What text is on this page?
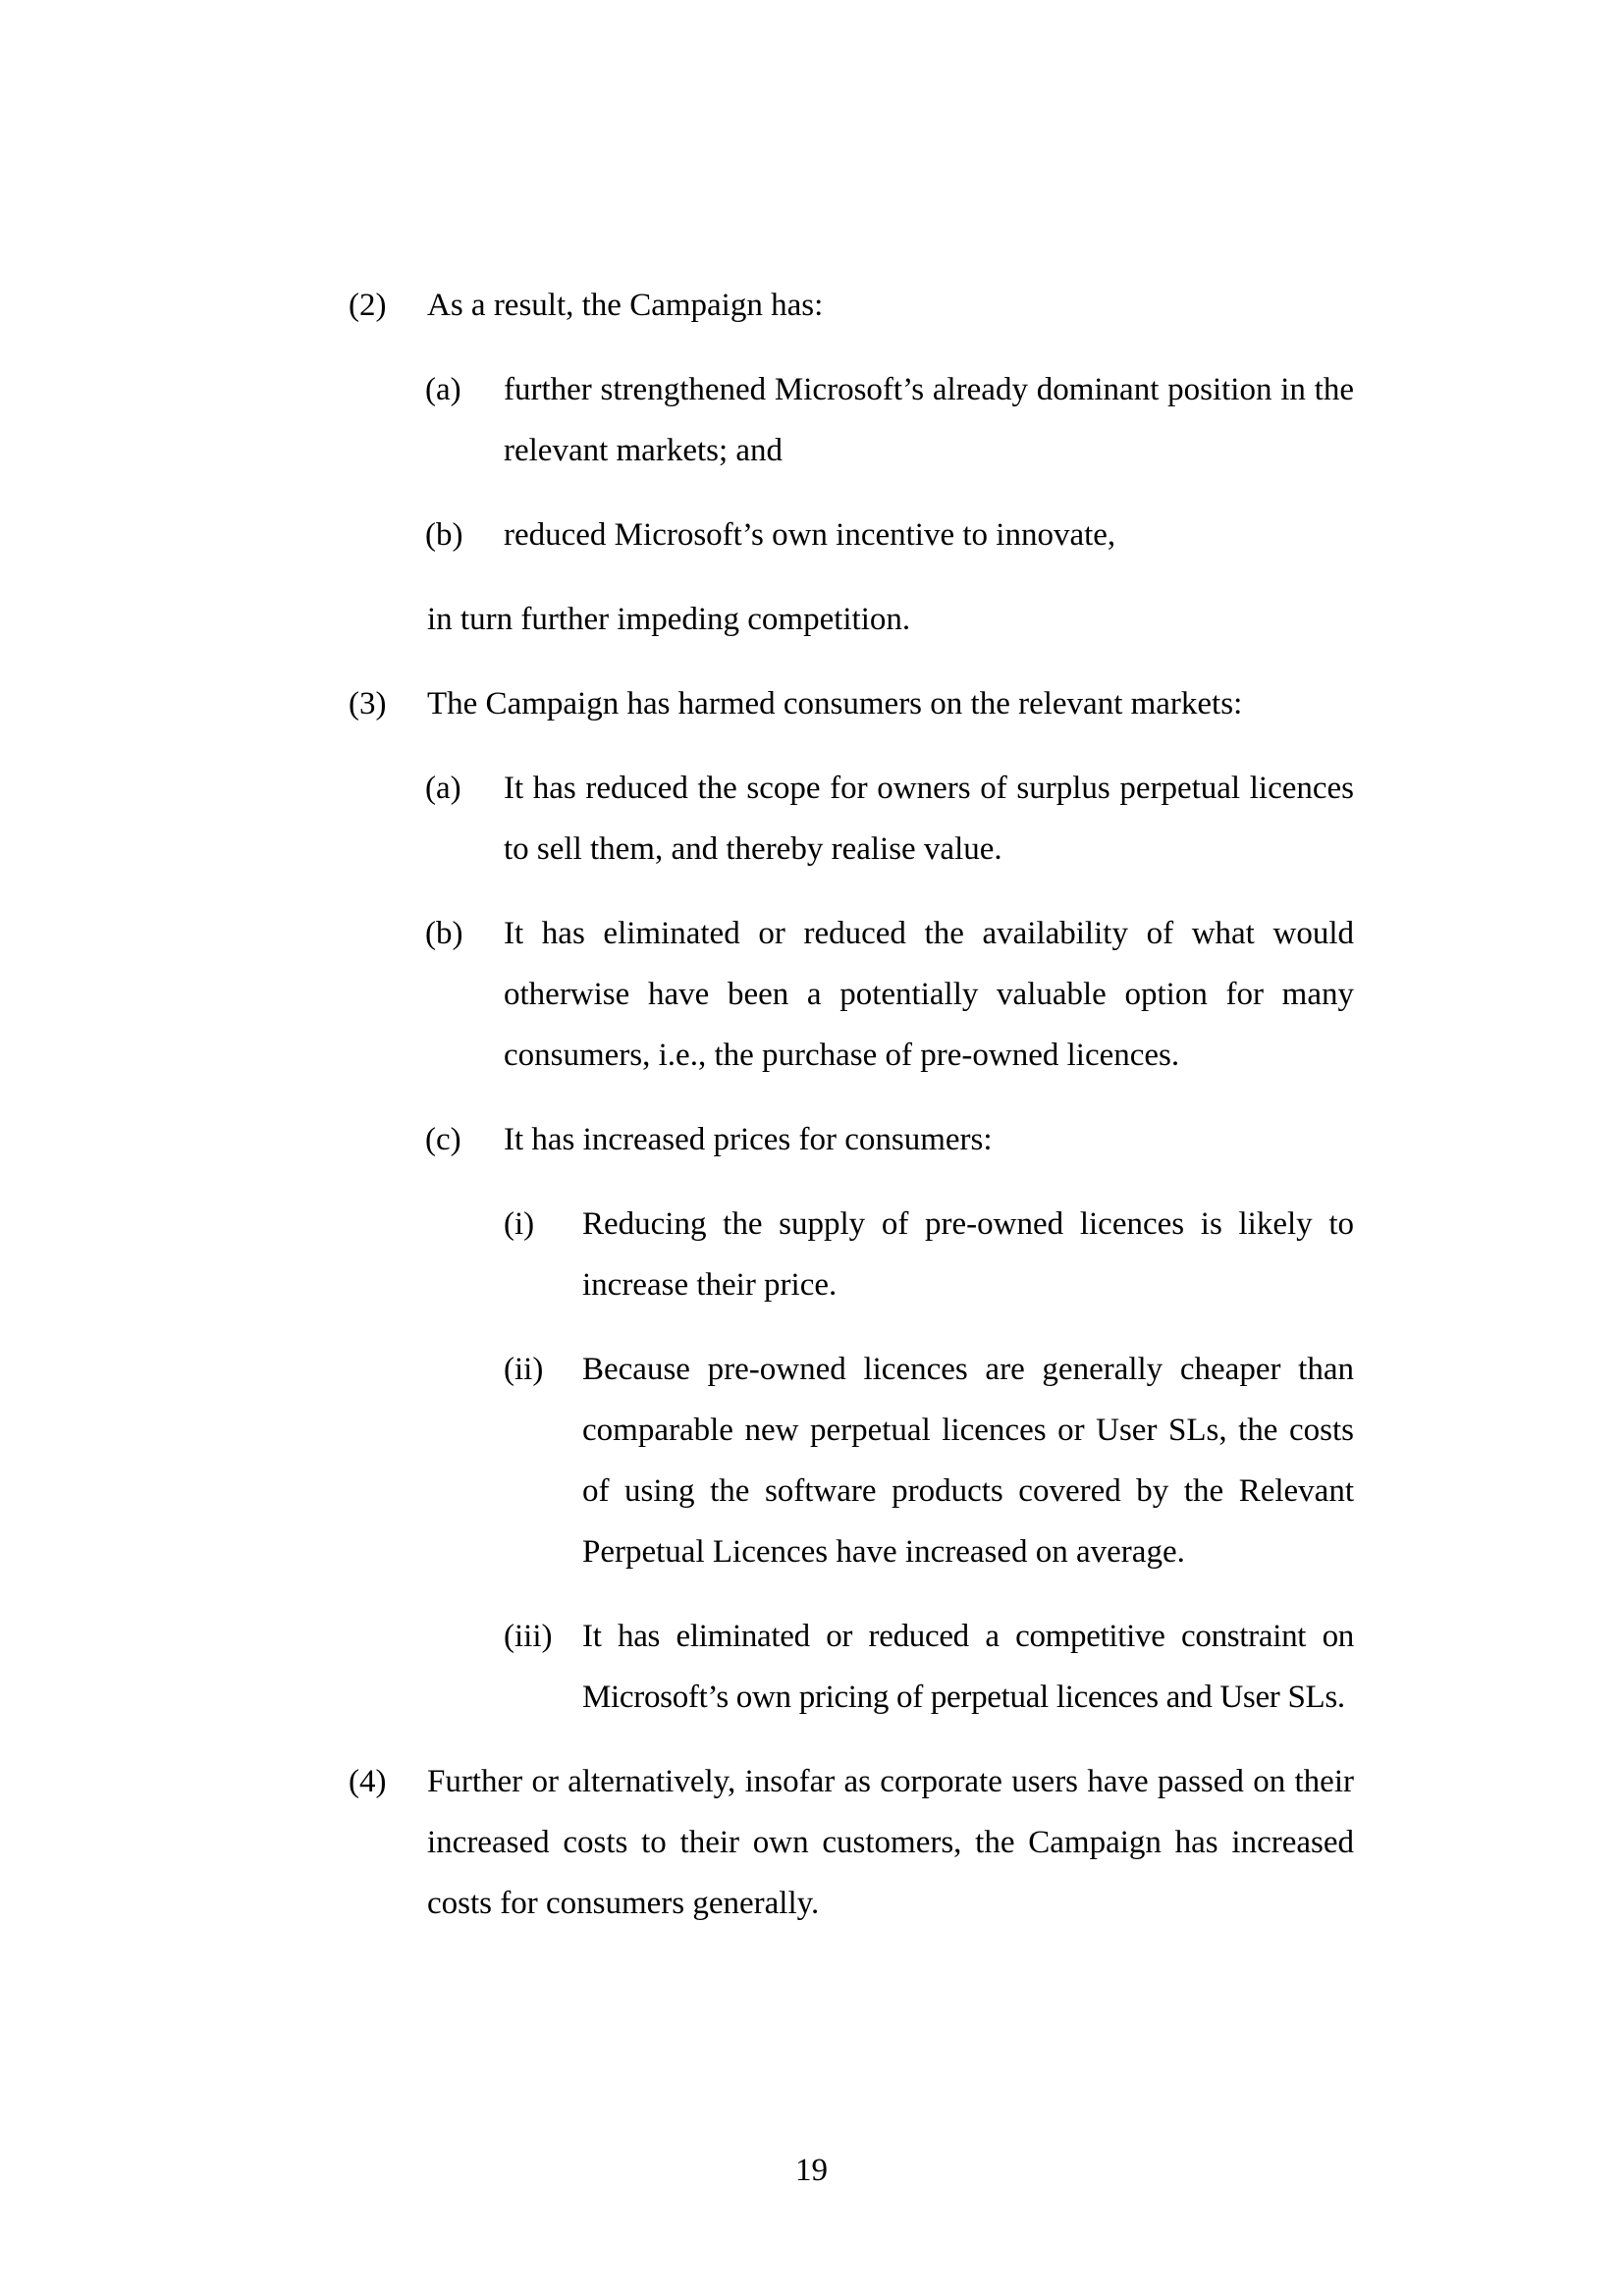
(2)	As a result, the Campaign has:
(a)	further strengthened Microsoft’s already dominant position in the relevant markets; and
(b)	reduced Microsoft’s own incentive to innovate,
in turn further impeding competition.
(3)	The Campaign has harmed consumers on the relevant markets:
(a)	It has reduced the scope for owners of surplus perpetual licences to sell them, and thereby realise value.
(b)	It has eliminated or reduced the availability of what would otherwise have been a potentially valuable option for many consumers, i.e., the purchase of pre-owned licences.
(c)	It has increased prices for consumers:
(i)	Reducing the supply of pre-owned licences is likely to increase their price.
(ii)	Because pre-owned licences are generally cheaper than comparable new perpetual licences or User SLs, the costs of using the software products covered by the Relevant Perpetual Licences have increased on average.
(iii) It has eliminated or reduced a competitive constraint on Microsoft’s own pricing of perpetual licences and User SLs.
(4)	Further or alternatively, insofar as corporate users have passed on their increased costs to their own customers, the Campaign has increased costs for consumers generally.
19
